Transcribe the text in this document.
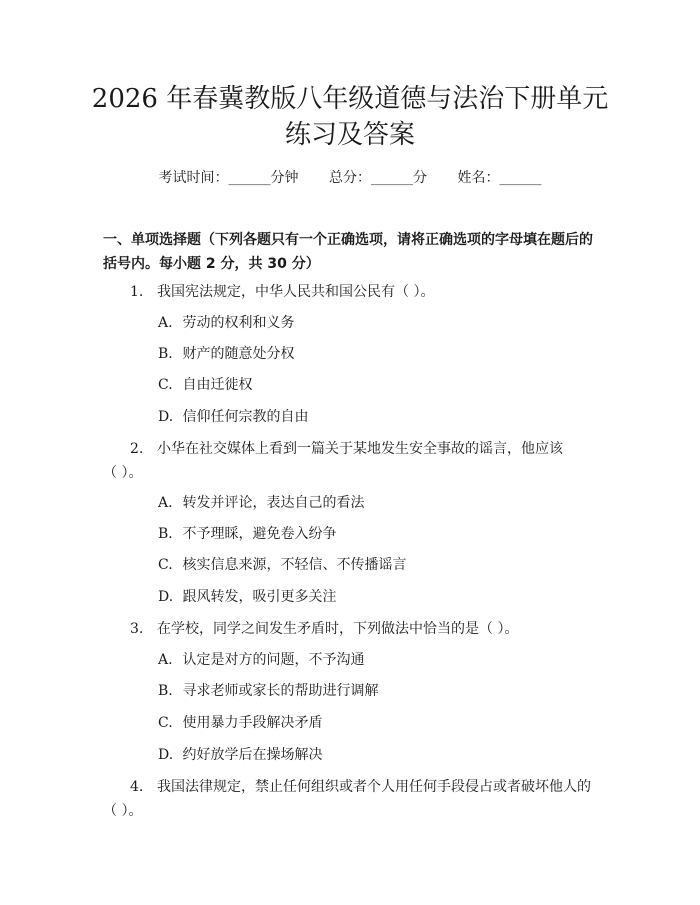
2026 年春冀教版八年级道德与法治下册单元
练习及答案
考试时间：______分钟 总分：______分 姓名：______
一、单项选择题（下列各题只有一个正确选项，请将正确选项的字母填在题后的
括号内。每小题 2 分，共 30 分）
1. 我国宪法规定，中华人民共和国公民有（ ）。
A. 劳动的权利和义务
B. 财产的随意处分权
C. 自由迁徙权
D. 信仰任何宗教的自由
2. 小华在社交媒体上看到一篇关于某地发生安全事故的谣言，他应该
（ ）。
A. 转发并评论，表达自己的看法
B. 不予理睬，避免卷入纷争
C. 核实信息来源，不轻信、不传播谣言
D. 跟风转发，吸引更多关注
3. 在学校，同学之间发生矛盾时，下列做法中恰当的是（ ）。
A. 认定是对方的问题，不予沟通
B. 寻求老师或家长的帮助进行调解
C. 使用暴力手段解决矛盾
D. 约好放学后在操场解决
4. 我国法律规定，禁止任何组织或者个人用任何手段侵占或者破坏他人的
（ ）。
